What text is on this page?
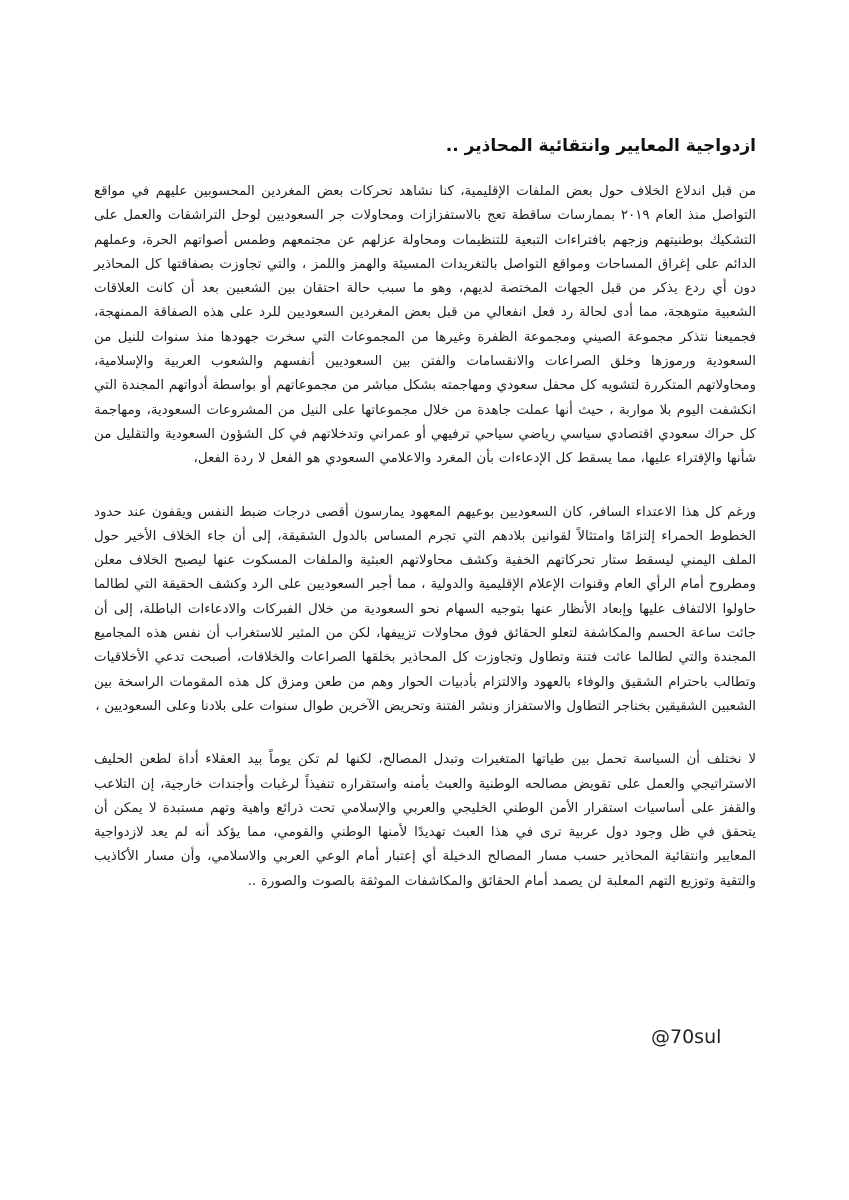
ازدواجية المعايير وانتقائية المحاذير ..

من قبل اندلاع الخلاف حول بعض الملفات الإقليمية، كنا نشاهد تحركات بعض المغردين المحسوبين عليهم في مواقع التواصل منذ العام ٢٠١٩ بممارسات ساقطة تعج بالاستفزازات ومحاولات جر السعوديين لوحل التراشقات والعمل على التشكيك بوطنيتهم وزجهم بافتراءات التبعية للتنظيمات ومحاولة عزلهم عن مجتمعهم وطمس أصواتهم الحرة، وعملهم الدائم على إغراق المساحات ومواقع التواصل بالتغريدات المسيئة والهمز واللمز ، والتي تجاوزت بصفاقتها كل المحاذير دون أي ردع يذكر من قبل الجهات المختصة لديهم، وهو ما سبب حالة احتقان بين الشعبين بعد أن كانت العلاقات الشعبية متوهجة، مما أدى لحالة رد فعل انفعالي من قبل بعض المغردين السعوديين للرد على هذه الصفاقة الممنهجة، فجميعنا نتذكر مجموعة الصيني ومجموعة الظفرة وغيرها من المجموعات التي سخرت جهودها منذ سنوات للنيل من السعودية ورموزها وخلق الصراعات والانقسامات والفتن بين السعوديين أنفسهم والشعوب العربية والإسلامية، ومحاولاتهم المتكررة لتشويه كل محفل سعودي ومهاجمته بشكل مباشر من مجموعاتهم أو بواسطة أدواتهم المجندة التي انكشفت اليوم بلا مواربة ، حيث أنها عملت جاهدة من خلال مجموعاتها على النيل من المشروعات السعودية، ومهاجمة كل حراك سعودي اقتصادي سياسي رياضي سياحي ترفيهي أو عمراني وتدخلاتهم في كل الشؤون السعودية والتقليل من شأنها والإفتراء عليها، مما يسقط كل الإدعاءات بأن المغرد والاعلامي السعودي هو الفعل لا ردة الفعل،

ورغم كل هذا الاعتداء السافر، كان السعوديين بوعيهم المعهود يمارسون أقصى درجات ضبط النفس ويقفون عند حدود الخطوط الحمراء إلتزامًا وامتثالاً لقوانين بلادهم التي تجرم المساس بالدول الشقيقة، إلى أن جاء الخلاف الأخير حول الملف اليمني ليسقط ستار تحركاتهم الخفية وكشف محاولاتهم العبثية والملفات المسكوت عنها ليصبح الخلاف معلن ومطروح أمام الرأي العام وقنوات الإعلام الإقليمية والدولية ، مما أجبر السعوديين على الرد وكشف الحقيقة التي لطالما حاولوا الالتفاف عليها وإبعاد الأنظار عنها بتوجيه السهام نحو السعودية من خلال الفبركات والادعاءات الباطلة، إلى أن جائت ساعة الحسم والمكاشفة لتعلو الحقائق فوق محاولات تزييفها، لكن من المثير للاستغراب أن نفس هذه المجاميع المجندة والتي لطالما عاثت فتنة وتطاول وتجاوزت كل المحاذير بخلقها الصراعات والخلافات، أصبحت تدعي الأخلاقيات وتطالب باحترام الشقيق والوفاء بالعهود والالتزام بأدبيات الحوار وهم من طعن ومزق كل هذه المقومات الراسخة بين الشعبين الشقيقين بخناجر التطاول والاستفزاز ونشر الفتنة وتحريض الآخرين طوال سنوات على بلادنا وعلى السعوديين ،

لا نختلف أن السياسة تحمل بين طياتها المتغيرات وتبدل المصالح، لكنها لم تكن يوماً بيد العقلاء أداة لطعن الحليف الاستراتيجي والعمل على تقويض مصالحه الوطنية والعبث بأمنه واستقراره تنفيذاً لرغبات وأجندات خارجية، إن التلاعب والقفز على أساسيات استقرار الأمن الوطني الخليجي والعربي والإسلامي تحت ذرائع واهية وتهم مستبدة لا يمكن أن يتحقق في ظل وجود دول عربية ترى في هذا العبث تهديدًا لأمنها الوطني والقومي، مما يؤكد أنه لم يعد لازدواجية المعايير وانتقائية المحاذير حسب مسار المصالح الدخيلة أي إعتبار أمام الوعي العربي والاسلامي، وأن مسار الأكاذيب والتقية وتوزيع التهم المعلبة لن يصمد أمام الحقائق والمكاشفات الموثقة بالصوت والصورة ..

@70sul
